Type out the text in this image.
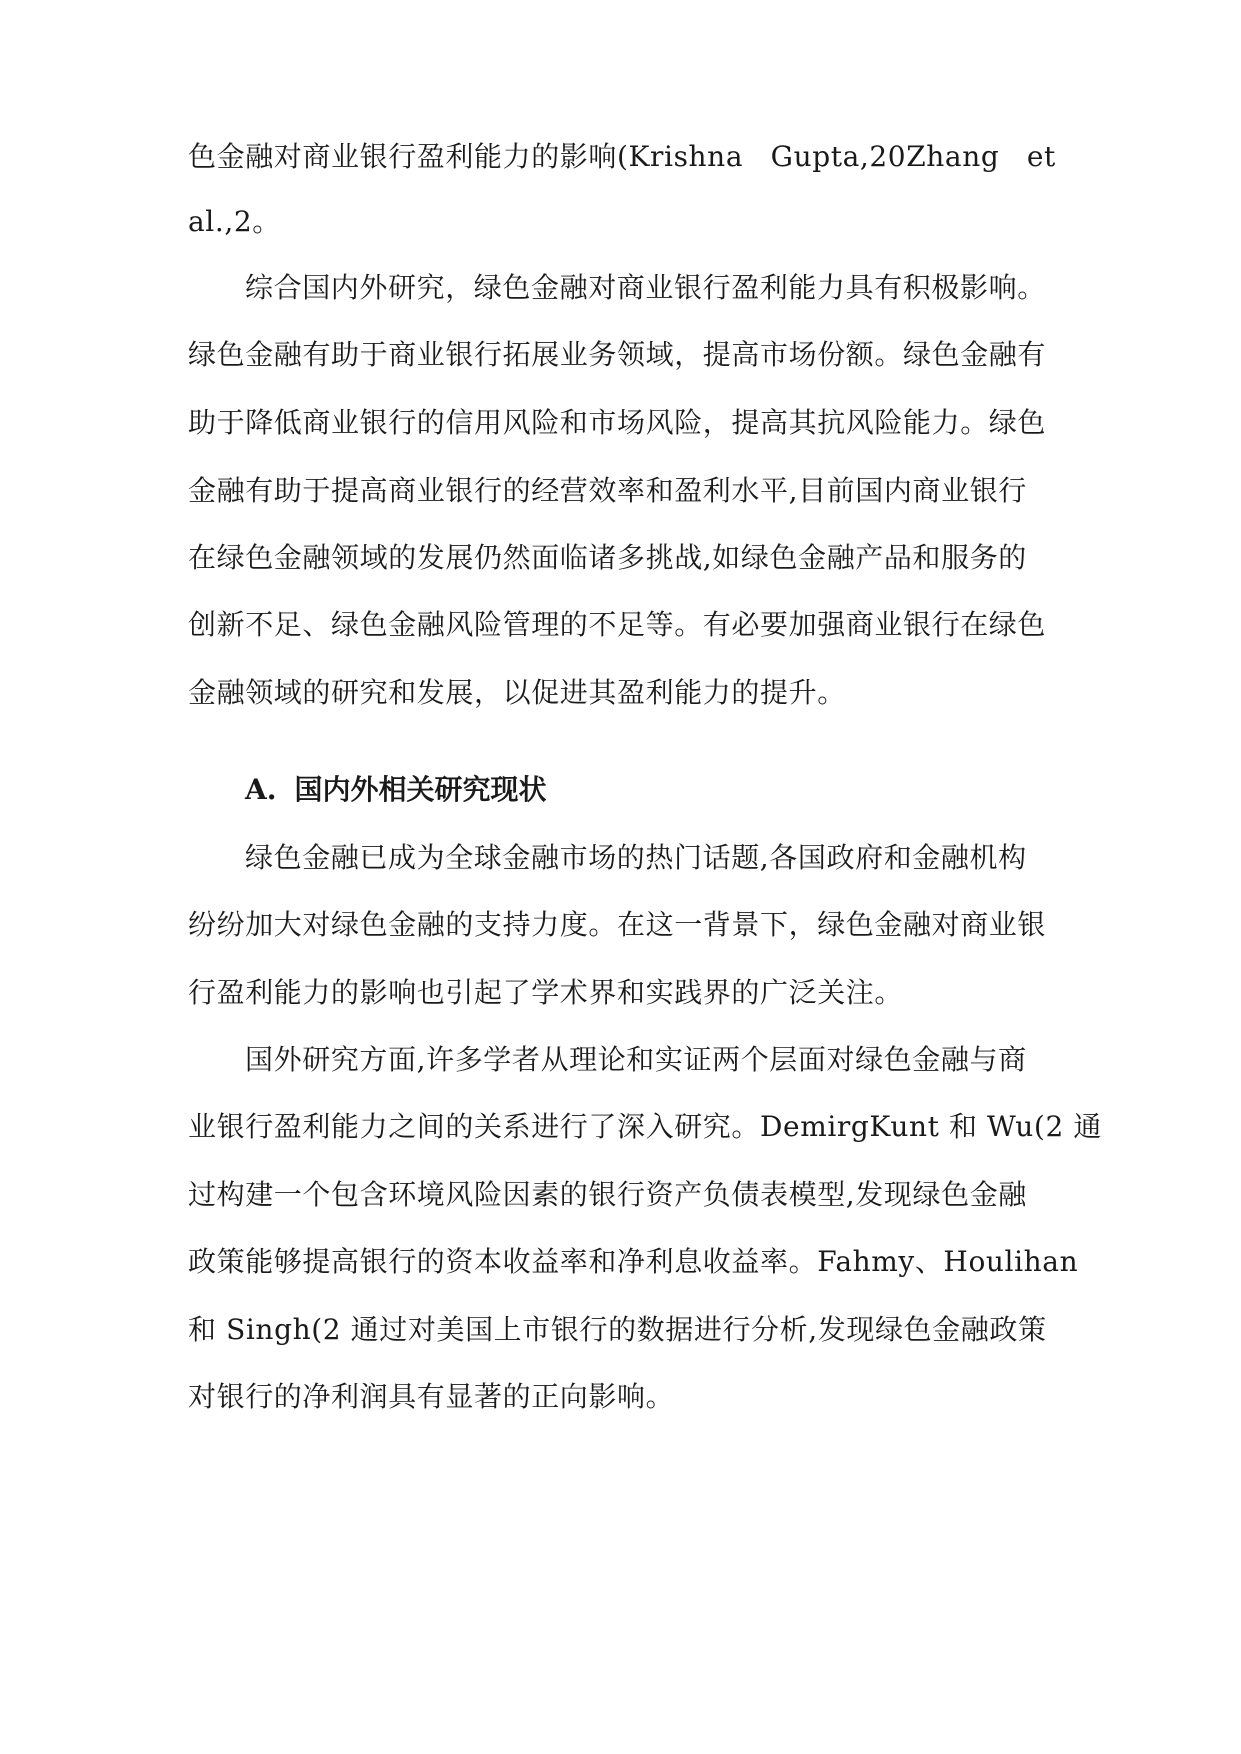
色金融对商业银行盈利能力的影响(Krishna Gupta,20Zhang et
al.,2。
综合国内外研究，绿色金融对商业银行盈利能力具有积极影响。
绿色金融有助于商业银行拓展业务领域，提高市场份额。绿色金融有
助于降低商业银行的信用风险和市场风险，提高其抗风险能力。绿色
金融有助于提高商业银行的经营效率和盈利水平,目前国内商业银行
在绿色金融领域的发展仍然面临诸多挑战,如绿色金融产品和服务的
创新不足、绿色金融风险管理的不足等。有必要加强商业银行在绿色
金融领域的研究和发展，以促进其盈利能力的提升。
A. 国内外相关研究现状
绿色金融已成为全球金融市场的热门话题,各国政府和金融机构
纷纷加大对绿色金融的支持力度。在这一背景下，绿色金融对商业银
行盈利能力的影响也引起了学术界和实践界的广泛关注。
国外研究方面,许多学者从理论和实证两个层面对绿色金融与商
业银行盈利能力之间的关系进行了深入研究。DemirgKunt 和 Wu(2 通
过构建一个包含环境风险因素的银行资产负债表模型,发现绿色金融
政策能够提高银行的资本收益率和净利息收益率。Fahmy、Houlihan
和 Singh(2 通过对美国上市银行的数据进行分析,发现绿色金融政策
对银行的净利润具有显著的正向影响。
